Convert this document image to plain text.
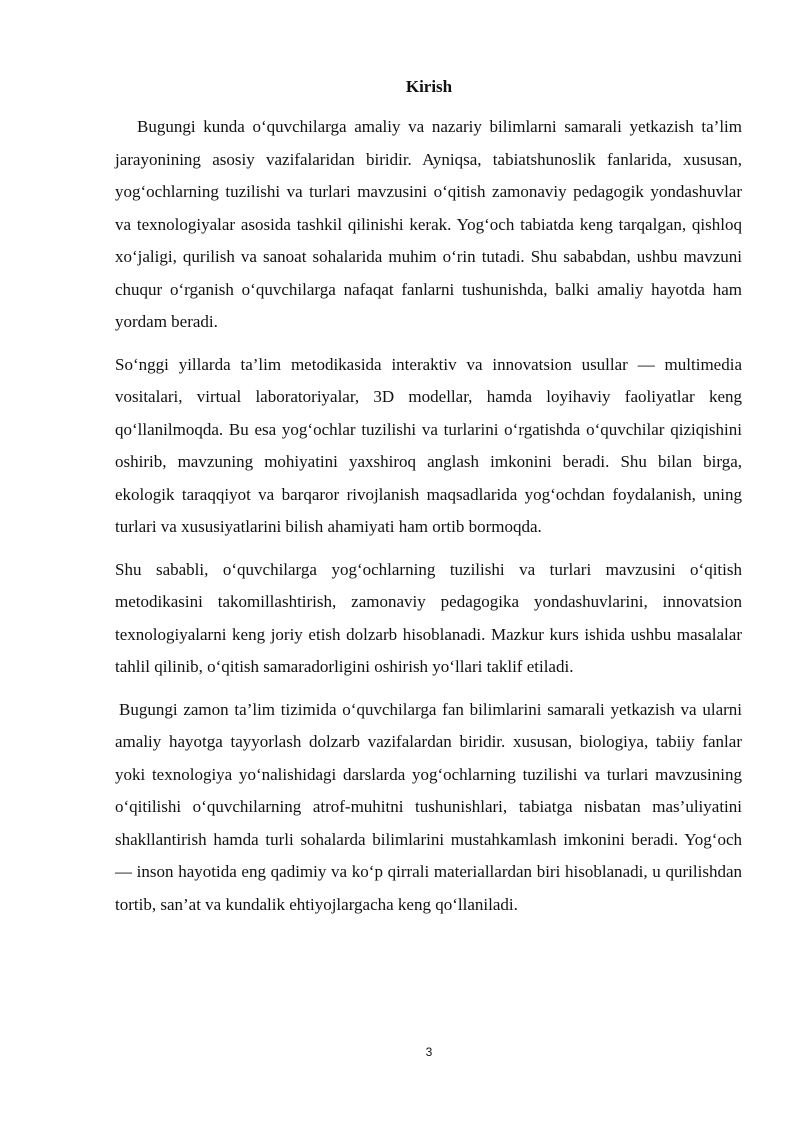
Kirish

Bugungi kunda o‘quvchilarga amaliy va nazariy bilimlarni samarali yetkazish ta’lim jarayonining asosiy vazifalaridan biridir. Ayniqsa, tabiatshunoslik fanlarida, xususan, yog‘ochlarning tuzilishi va turlari mavzusini o‘qitish zamonaviy pedagogik yondashuvlar va texnologiyalar asosida tashkil qilinishi kerak. Yog‘och tabiatda keng tarqalgan, qishloq xo‘jaligi, qurilish va sanoat sohalarida muhim o‘rin tutadi. Shu sababdan, ushbu mavzuni chuqur o‘rganish o‘quvchilarga nafaqat fanlarni tushunishda, balki amaliy hayotda ham yordam beradi.

So‘nggi yillarda ta’lim metodikasida interaktiv va innovatsion usullar — multimedia vositalari, virtual laboratoriyalar, 3D modellar, hamda loyihaviy faoliyatlar keng qo‘llanilmoqda. Bu esa yog‘ochlar tuzilishi va turlarini o‘rgatishda o‘quvchilar qiziqishini oshirib, mavzuning mohiyatini yaxshiroq anglash imkonini beradi. Shu bilan birga, ekologik taraqqiyot va barqaror rivojlanish maqsadlarida yog‘ochdan foydalanish, uning turlari va xususiyatlarini bilish ahamiyati ham ortib bormoqda.

Shu sababli, o‘quvchilarga yog‘ochlarning tuzilishi va turlari mavzusini o‘qitish metodikasini takomillashtirish, zamonaviy pedagogika yondashuvlarini, innovatsion texnologiyalarni keng joriy etish dolzarb hisoblanadi. Mazkur kurs ishida ushbu masalalar tahlil qilinib, o‘qitish samaradorligini oshirish yo‘llari taklif etiladi.

Bugungi zamon ta’lim tizimida o‘quvchilarga fan bilimlarini samarali yetkazish va ularni amaliy hayotga tayyorlash dolzarb vazifalardan biridir. xususan, biologiya, tabiiy fanlar yoki texnologiya yo‘nalishidagi darslarda yog‘ochlarning tuzilishi va turlari mavzusining o‘qitilishi o‘quvchilarning atrof-muhitni tushunishlari, tabiatga nisbatan mas’uliyatini shakllantirish hamda turli sohalarda bilimlarini mustahkamlash imkonini beradi. Yog‘och — inson hayotida eng qadimiy va ko‘p qirrali materiallardan biri hisoblanadi, u qurilishdan tortib, san’at va kundalik ehtiyojlargacha keng qo‘llaniladi.

3
